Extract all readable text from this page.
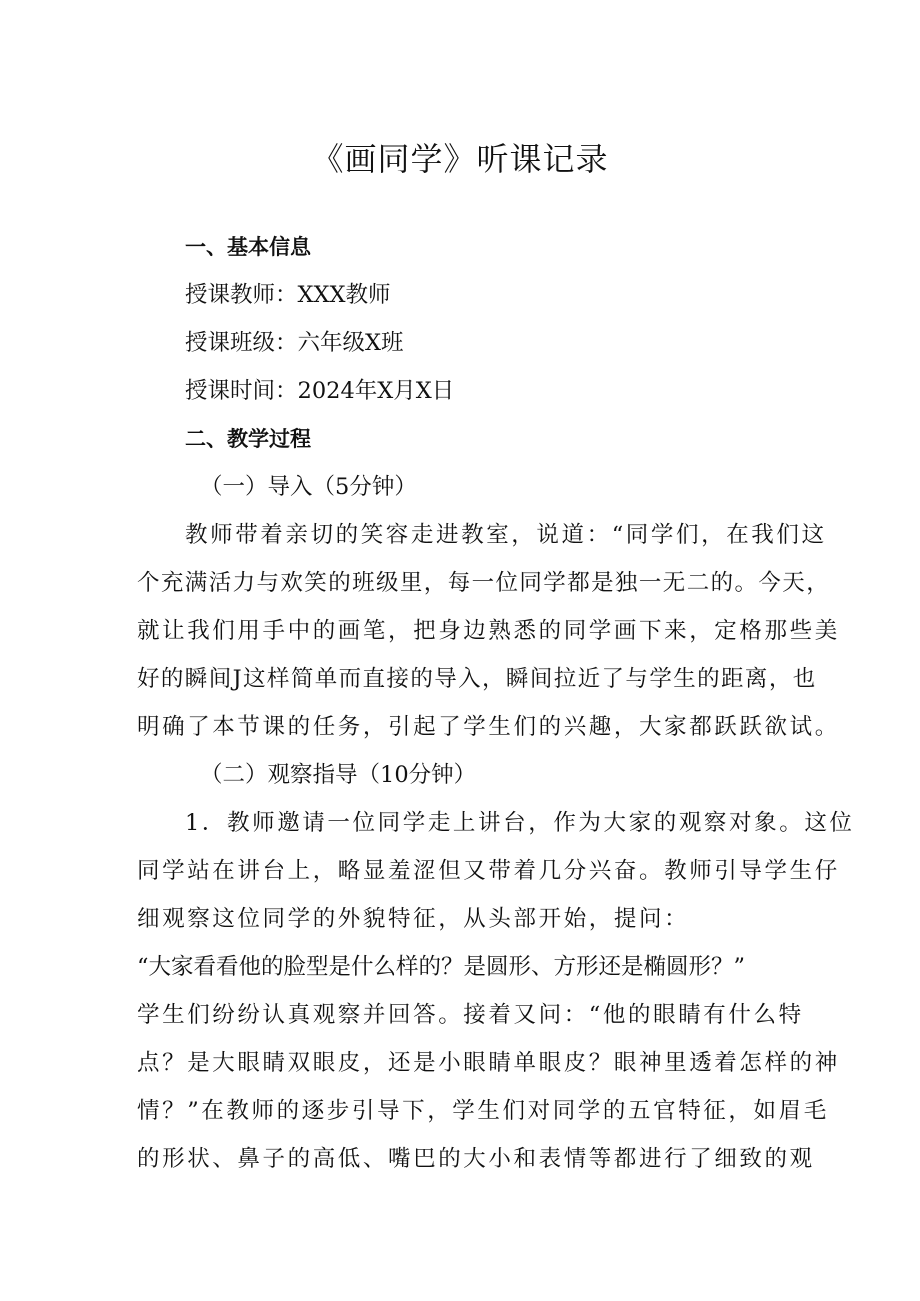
《画同学》听课记录
一、基本信息
授课教师：XXX教师
授课班级：六年级X班
授课时间：2024年X月X日
二、教学过程
（一）导入（5分钟）
教师带着亲切的笑容走进教室，说道：“同学们，在我们这
个充满活力与欢笑的班级里，每一位同学都是独一无二的。今天，
就让我们用手中的画笔，把身边熟悉的同学画下来，定格那些美
好的瞬间J这样简单而直接的导入，瞬间拉近了与学生的距离，也
明确了本节课的任务，引起了学生们的兴趣，大家都跃跃欲试。
（二）观察指导（10分钟）
1．教师邀请一位同学走上讲台，作为大家的观察对象。这位
同学站在讲台上，略显羞涩但又带着几分兴奋。教师引导学生仔
细观察这位同学的外貌特征，从头部开始，提问：
“大家看看他的脸型是什么样的？是圆形、方形还是椭圆形？”
学生们纷纷认真观察并回答。接着又问：“他的眼睛有什么特
点？是大眼睛双眼皮，还是小眼睛单眼皮？眼神里透着怎样的神
情？”在教师的逐步引导下，学生们对同学的五官特征，如眉毛
的形状、鼻子的高低、嘴巴的大小和表情等都进行了细致的观
